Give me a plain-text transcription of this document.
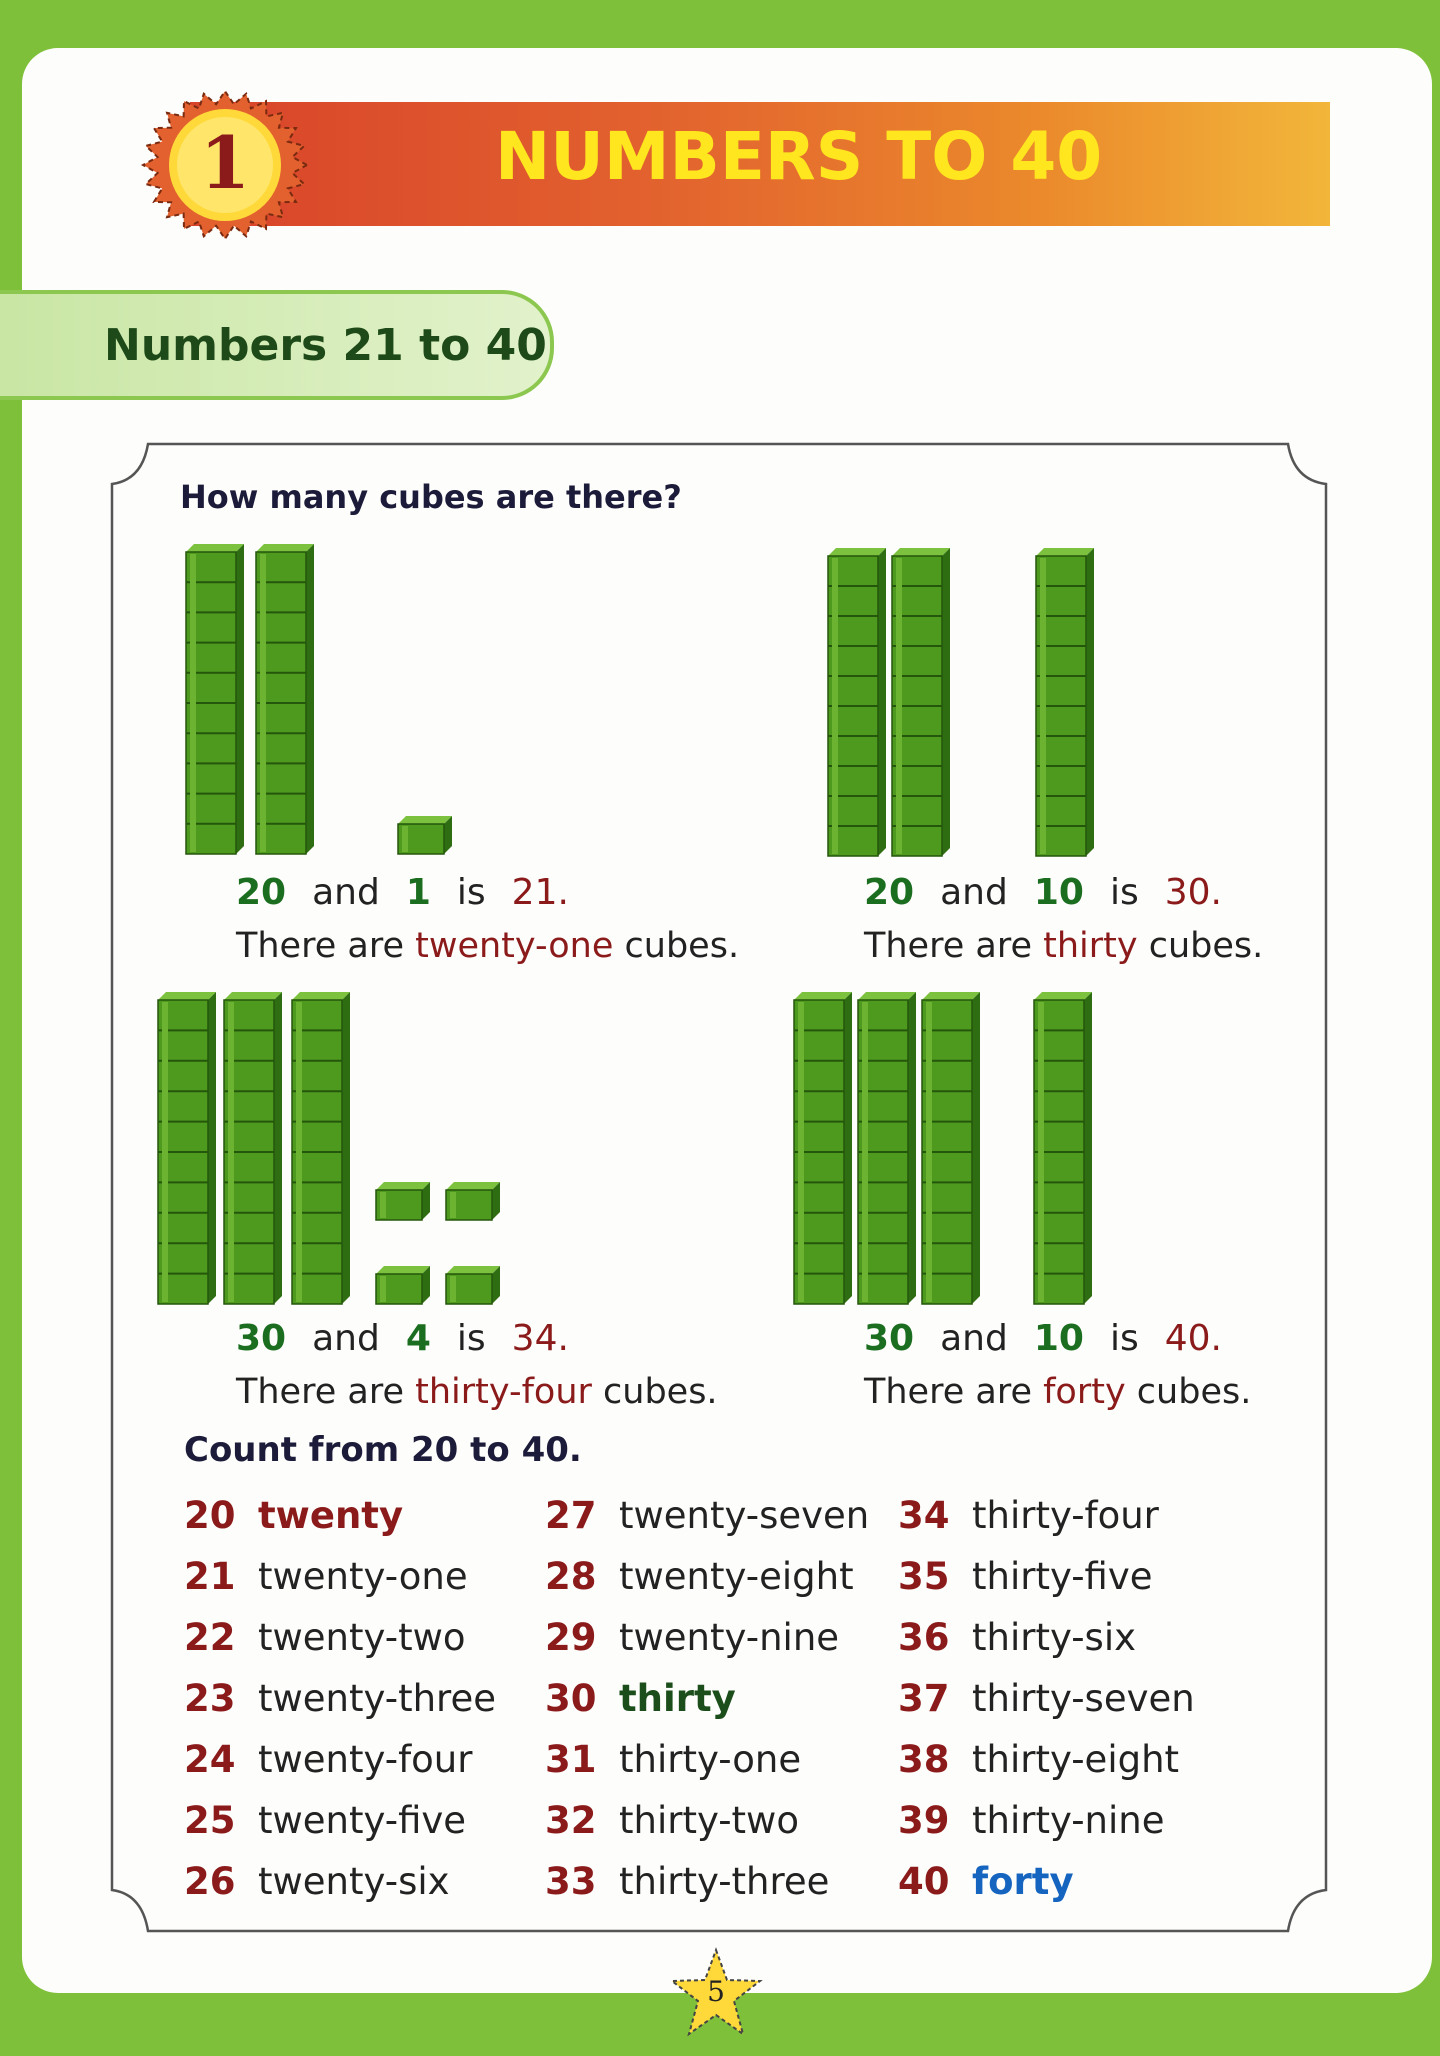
NUMBERS TO 40
1
Numbers 21 to 40
How many cubes are there?
20 and 1 is 21.
There are twenty-one cubes.
20 and 10 is 30.
There are thirty cubes.
30 and 4 is 34.
There are thirty-four cubes.
30 and 10 is 40.
There are forty cubes.
Count from 20 to 40.
20 twenty
21 twenty-one
22 twenty-two
23 twenty-three
24 twenty-four
25 twenty-five
26 twenty-six
27 twenty-seven
28 twenty-eight
29 twenty-nine
30 thirty
31 thirty-one
32 thirty-two
33 thirty-three
34 thirty-four
35 thirty-five
36 thirty-six
37 thirty-seven
38 thirty-eight
39 thirty-nine
40 forty
5
